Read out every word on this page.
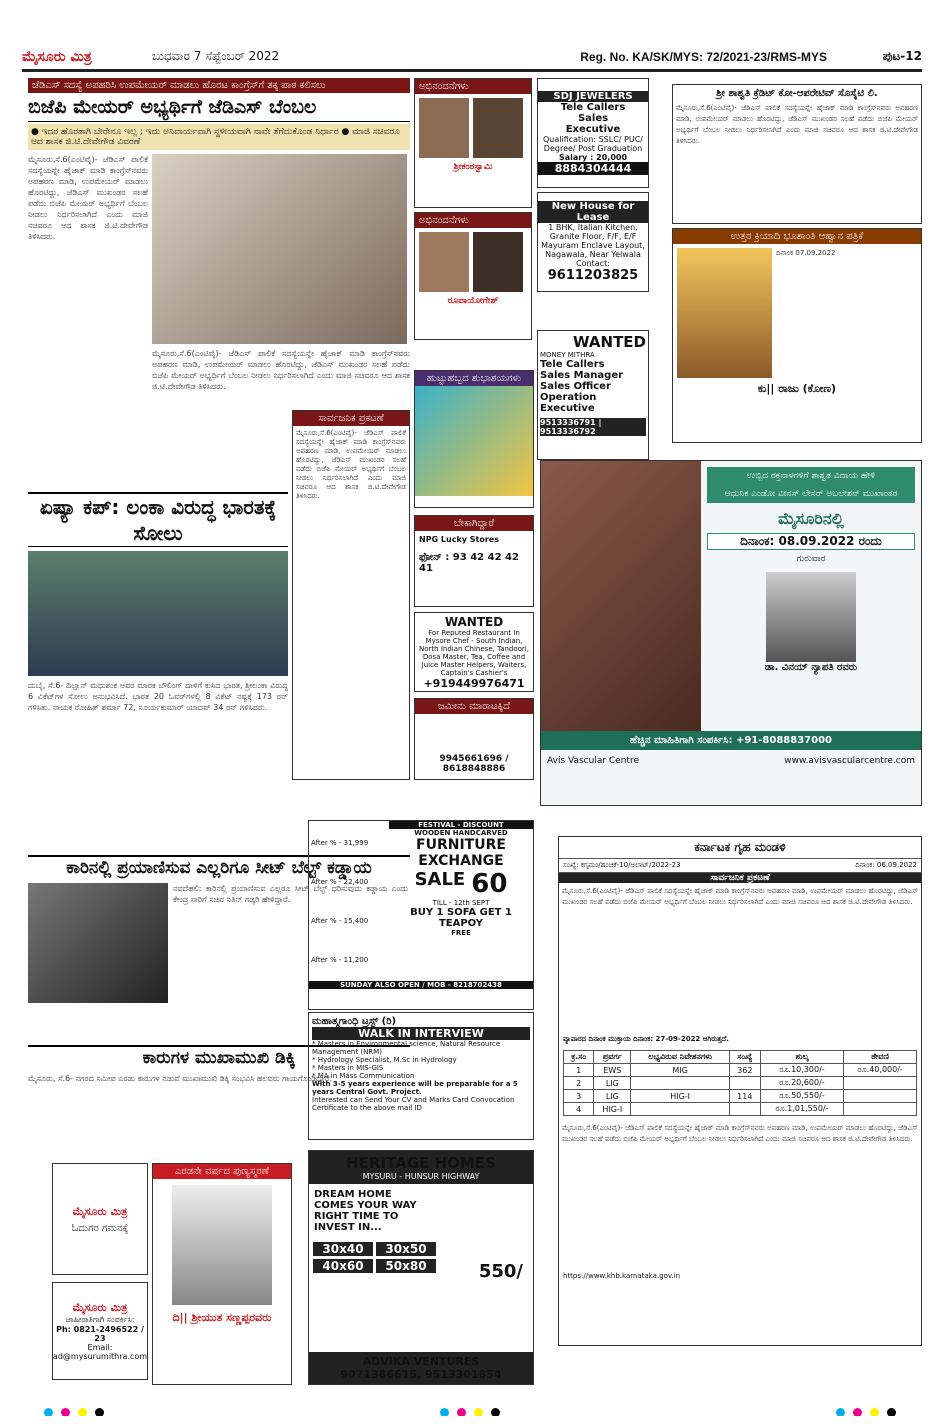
ಮೈಸೂರು ಮಿತ್ರ	ಬುಧವಾರ 7 ಸೆಪ್ಟೆಂಬರ್ 2022	Reg. No. KA/SK/MYS: 72/2021-23/RMS-MYS	ಪುಟ-12
ಜೆಡಿಎಸ್ ಸದಸ್ಯೆ ಅಪಹರಿಸಿ ಉಪಮೇಯರ್ ಮಾಡಲು ಹೊರಟ ಕಾಂಗ್ರೆಸ್‌ಗೆ ತಕ್ಕ ಪಾಠ ಕಲಿಸಲು
ಬಿಜೆಪಿ ಮೇಯರ್ ಅಭ್ಯರ್ಥಿಗೆ ಜೆಡಿಎಸ್ ಬೆಂಬಲ
● ಇದರ ಹೊರತಾಗಿ ಬೇರೇನೂ ಇಲ್ಲ ; ಇದು ಅನಿವಾರ್ಯವಾಗಿ ಸ್ಥಳೀಯವಾಗಿ ನಾವೇ ತೆಗೆದುಕೊಂಡ ನಿರ್ಧಾರ ● ಮಾಜಿ ಸಚಿವರೂ ಆದ ಶಾಸಕ ಜಿ.ಟಿ.ದೇವೇಗೌಡ ವಿವರಣೆ
ಮೈಸೂರು,ಸೆ.6(ಎಂಟಿವೈ)- ಜೆಡಿಎಸ್ ಪಾಲಿಕೆ ಸದಸ್ಯೆಯನ್ನೇ ಹೈಜಾಕ್ ಮಾಡಿ ಕಾಂಗ್ರೆಸ್‌ನವರು ಅಪಹರಣ ಮಾಡಿ, ಉಪಮೇಯರ್ ಮಾಡಲು ಹೊರಟಿದ್ದು, ಜೆಡಿಎಸ್ ಮುಖಂಡರ ಸಲಹೆ ಪಡೆದು ಬಿಜೆಪಿ ಮೇಯರ್ ಅಭ್ಯರ್ಥಿಗೆ ಬೆಂಬಲ ನೀಡಲು ನಿರ್ಧರಿಸಲಾಗಿದೆ ಎಂದು ಮಾಜಿ ಸಚಿವರೂ ಆದ ಶಾಸಕ ಜಿ.ಟಿ.ದೇವೇಗೌಡ ತಿಳಿಸಿದರು.
ಮೈಸೂರು,ಸೆ.6(ಎಂಟಿವೈ)- ಜೆಡಿಎಸ್ ಪಾಲಿಕೆ ಸದಸ್ಯೆಯನ್ನೇ ಹೈಜಾಕ್ ಮಾಡಿ ಕಾಂಗ್ರೆಸ್‌ನವರು ಅಪಹರಣ ಮಾಡಿ, ಉಪಮೇಯರ್ ಮಾಡಲು ಹೊರಟಿದ್ದು, ಜೆಡಿಎಸ್ ಮುಖಂಡರ ಸಲಹೆ ಪಡೆದು ಬಿಜೆಪಿ ಮೇಯರ್ ಅಭ್ಯರ್ಥಿಗೆ ಬೆಂಬಲ ನೀಡಲು ನಿರ್ಧರಿಸಲಾಗಿದೆ ಎಂದು ಮಾಜಿ ಸಚಿವರೂ ಆದ ಶಾಸಕ ಜಿ.ಟಿ.ದೇವೇಗೌಡ ತಿಳಿಸಿದರು.
ಏಷ್ಯಾ ಕಪ್: ಲಂಕಾ ವಿರುದ್ಧ ಭಾರತಕ್ಕೆ ಸೋಲು
ದುಬೈ, ಸೆ.6- ದಿಲ್ಷಾನ್ ಮಧುಶಂಕ ಅವರ ಮಾರಕ ಬೌಲಿಂಗ್ ದಾಳಿಗೆ ಕುಸಿದ ಭಾರತ, ಶ್ರೀಲಂಕಾ ವಿರುದ್ಧ 6 ವಿಕೆಟ್‌ಗಳ ಸೋಲು ಅನುಭವಿಸಿದೆ. ಭಾರತ 20 ಓವರ್‌ಗಳಲ್ಲಿ 8 ವಿಕೆಟ್ ನಷ್ಟಕ್ಕೆ 173 ರನ್ ಗಳಿಸಿತು. ನಾಯಕ ರೋಹಿತ್ ಶರ್ಮಾ 72, ಸೂರ್ಯಕುಮಾರ್ ಯಾದವ್ 34 ರನ್ ಗಳಿಸಿದರು.
ಸಾರ್ವಜನಿಕ ಪ್ರಕಟಣೆ
ಮೈಸೂರು,ಸೆ.6(ಎಂಟಿವೈ)- ಜೆಡಿಎಸ್ ಪಾಲಿಕೆ ಸದಸ್ಯೆಯನ್ನೇ ಹೈಜಾಕ್ ಮಾಡಿ ಕಾಂಗ್ರೆಸ್‌ನವರು ಅಪಹರಣ ಮಾಡಿ, ಉಪಮೇಯರ್ ಮಾಡಲು ಹೊರಟಿದ್ದು, ಜೆಡಿಎಸ್ ಮುಖಂಡರ ಸಲಹೆ ಪಡೆದು ಬಿಜೆಪಿ ಮೇಯರ್ ಅಭ್ಯರ್ಥಿಗೆ ಬೆಂಬಲ ನೀಡಲು ನಿರ್ಧರಿಸಲಾಗಿದೆ ಎಂದು ಮಾಜಿ ಸಚಿವರೂ ಆದ ಶಾಸಕ ಜಿ.ಟಿ.ದೇವೇಗೌಡ ತಿಳಿಸಿದರು.
ಕಾರಿನಲ್ಲಿ ಪ್ರಯಾಣಿಸುವ ಎಲ್ಲರಿಗೂ ಸೀಟ್ ಬೆಲ್ಟ್ ಕಡ್ಡಾಯ
ನವದೆಹಲಿ: ಕಾರಿನಲ್ಲಿ ಪ್ರಯಾಣಿಸುವ ಎಲ್ಲರೂ ಸೀಟ್ ಬೆಲ್ಟ್ ಧರಿಸುವುದು ಕಡ್ಡಾಯ ಎಂದು ಕೇಂದ್ರ ಸಾರಿಗೆ ಸಚಿವ ನಿತಿನ್ ಗಡ್ಕರಿ ಹೇಳಿದ್ದಾರೆ.
ಕಾರುಗಳ ಮುಖಾಮುಖಿ ಡಿಕ್ಕಿ
ಮೈಸೂರು, ಸೆ.6- ನಗರದ ಸಮೀಪ ಎರಡು ಕಾರುಗಳ ನಡುವೆ ಮುಖಾಮುಖಿ ಡಿಕ್ಕಿ ಸಂಭವಿಸಿ ಹಲವರು ಗಾಯಗೊಂಡಿದ್ದಾರೆ.
ಮೈಸೂರು ಮಿತ್ರ
ಓದುಗರ ಗಮನಕ್ಕೆ
ಮೈಸೂರು ಮಿತ್ರ
ಜಾಹೀರಾತಿಗಾಗಿ ಸಂಪರ್ಕಿಸಿ:
Ph: 0821-2496522 / 23
Email: ad@mysurumithra.com
ಎರಡನೇ ವರ್ಷದ ಪುಣ್ಯಸ್ಮರಣೆ
ದಿ|| ಶ್ರೀಯುತ ಸಣ್ಣಪ್ಪರವರು
ಅಭಿನಂದನೆಗಳು
ಶ್ರೀಕಂಠಸ್ವಾಮಿ
ಅಭಿನಂದನೆಗಳು
ರೂಪಾಯೋಗೇಶ್
SDJ JEWELERS
Tele Callers
Sales
Executive
Qualification: SSLC/ PUC/ Degree/ Post Graduation
Salary : 20,000
8884304444
New House for Lease
1 BHK, Italian Kitchen, Granite Floor, F/F, E/F Mayuram Enclave Layout, Nagawala, Near Yelwala
Contact:
9611203825
WANTED
MONEY MITHRA
Tele Callers
Sales Manager
Sales Officer
Operation Executive
9513336791 | 9513336792
ಹುಟ್ಟುಹಬ್ಬದ ಶುಭಾಶಯಗಳು
ಬೇಕಾಗಿದ್ದಾರೆ
NPG Lucky Stores
ಫೋನ್ : 93 42 42 42 41
WANTED
For Reputed Restaurant In Mysore Chef - South Indian, North Indian Chinese, Tandoori, Dosa Master, Tea, Coffee and Juice Master Helpers, Waiters, Captain's Cashier's
+919449976471
ಜಮೀನು ಮಾರಾಟಕ್ಕಿದೆ
9945661696 / 8618848886
ಶ್ರೀ ಶಾಶ್ವತಿ ಕ್ರೆಡಿಟ್ ಕೋ-ಆಪರೇಟಿವ್ ಸೊಸೈಟಿ ಲಿ.
ಮೈಸೂರು,ಸೆ.6(ಎಂಟಿವೈ)- ಜೆಡಿಎಸ್ ಪಾಲಿಕೆ ಸದಸ್ಯೆಯನ್ನೇ ಹೈಜಾಕ್ ಮಾಡಿ ಕಾಂಗ್ರೆಸ್‌ನವರು ಅಪಹರಣ ಮಾಡಿ, ಉಪಮೇಯರ್ ಮಾಡಲು ಹೊರಟಿದ್ದು, ಜೆಡಿಎಸ್ ಮುಖಂಡರ ಸಲಹೆ ಪಡೆದು ಬಿಜೆಪಿ ಮೇಯರ್ ಅಭ್ಯರ್ಥಿಗೆ ಬೆಂಬಲ ನೀಡಲು ನಿರ್ಧರಿಸಲಾಗಿದೆ ಎಂದು ಮಾಜಿ ಸಚಿವರೂ ಆದ ಶಾಸಕ ಜಿ.ಟಿ.ದೇವೇಗೌಡ ತಿಳಿಸಿದರು.
ಉತ್ತರ ಕ್ರಿಯಾದಿ ಭೂಶಾಂತಿ ಆಹ್ವಾನ ಪತ್ರಿಕೆ
ದಿನಾಂಕ 07.09.2022
ಕು|| ರಾಜು (ಕೋಣ)
ಉಬ್ಬಿದ ರಕ್ತನಾಳಗಳಿಗೆ ಶಾಶ್ವತ ವಿದಾಯ ಹೇಳಿ
ಆಧುನಿಕ ಎಂಡೋ ವೀನಸ್ ಲೇಸರ್ ಅಬಲೇಶನ್ ಮುಖಾಂತರ
ಮೈಸೂರಿನಲ್ಲಿ
ದಿನಾಂಕ: 08.09.2022 ರಂದು
ಗುರುವಾರ
ಡಾ. ವಿನಯ್ ನ್ಯಾಪತಿ ರವರು
ಹೆಚ್ಚಿನ ಮಾಹಿತಿಗಾಗಿ ಸಂಪರ್ಕಿಸಿ: +91-8088837000
Avis Vascular Centre	www.avisvascularcentre.com
After % - 31,999
After % - 22,400
After % - 15,400
After % - 11,200
FESTIVAL - DISCOUNT
WOODEN HANDCARVED
FURNITURE
EXCHANGE
SALE 60
TILL - 12th SEPT
BUY 1 SOFA GET 1 TEAPOY
FREE
SUNDAY ALSO OPEN / MOB - 8218702438
ಮಹಾತ್ಮಗಾಂಧಿ ಟ್ರಸ್ಟ್ (ರಿ)
WALK IN INTERVIEW
* Masters in Environmental science, Natural Resource Management (NRM)
* Hydrology Specialist, M.Sc in Hydrology
* Masters in MIS-GIS
* MA in Mass Communication
With 3-5 years experience will be preparable for a 5 years Central Govt. Project.
Interested can Send Your CV and Marks Card Convocation Certificate to the above mail ID
HERITAGE HOMES
MYSURU - HUNSUR HIGHWAY
DREAM HOME COMES YOUR WAY RIGHT TIME TO INVEST IN...
30x40	30x50
40x60	50x80	550/
ADVIKA VENTURES
9071386615, 9513301854
ಕರ್ನಾಟಕ ಗೃಹ ಮಂಡಳಿ
ಸಂಖ್ಯೆ: ಕಗೃಮಂ/ಹಂಚಿಕೆ-10/ಅಲಾಟ್/2022-23	ದಿನಾಂಕ: 06.09.2022
ಸಾರ್ವಜನಿಕ ಪ್ರಕಟಣೆ
ಮೈಸೂರು,ಸೆ.6(ಎಂಟಿವೈ)- ಜೆಡಿಎಸ್ ಪಾಲಿಕೆ ಸದಸ್ಯೆಯನ್ನೇ ಹೈಜಾಕ್ ಮಾಡಿ ಕಾಂಗ್ರೆಸ್‌ನವರು ಅಪಹರಣ ಮಾಡಿ, ಉಪಮೇಯರ್ ಮಾಡಲು ಹೊರಟಿದ್ದು, ಜೆಡಿಎಸ್ ಮುಖಂಡರ ಸಲಹೆ ಪಡೆದು ಬಿಜೆಪಿ ಮೇಯರ್ ಅಭ್ಯರ್ಥಿಗೆ ಬೆಂಬಲ ನೀಡಲು ನಿರ್ಧರಿಸಲಾಗಿದೆ ಎಂದು ಮಾಜಿ ಸಚಿವರೂ ಆದ ಶಾಸಕ ಜಿ.ಟಿ.ದೇವೇಗೌಡ ತಿಳಿಸಿದರು.
ವ್ಯಾಪಾರದ ದಿನಾಂಕ ಮುಕ್ತಾಯ ದಿನಾಂಕ: 27-09-2022 ಆಗಿರುತ್ತದೆ.
ಕ್ರ.ಸಂ	ಪ್ರವರ್ಗ	ಲಭ್ಯವಿರುವ ನಿವೇಶನಗಳು	ಸಂಖ್ಯೆ	ಶುಲ್ಕ	ಠೇವಣಿ
1	EWS	MIG	362	ರೂ.10,300/-	ರೂ.40,000/-
2	LIG			ರೂ.20,600/-	
3	LIG	HIG-I	114	ರೂ.50,550/-	
4	HIG-I			ರೂ.1,01,550/-	
ಮೈಸೂರು,ಸೆ.6(ಎಂಟಿವೈ)- ಜೆಡಿಎಸ್ ಪಾಲಿಕೆ ಸದಸ್ಯೆಯನ್ನೇ ಹೈಜಾಕ್ ಮಾಡಿ ಕಾಂಗ್ರೆಸ್‌ನವರು ಅಪಹರಣ ಮಾಡಿ, ಉಪಮೇಯರ್ ಮಾಡಲು ಹೊರಟಿದ್ದು, ಜೆಡಿಎಸ್ ಮುಖಂಡರ ಸಲಹೆ ಪಡೆದು ಬಿಜೆಪಿ ಮೇಯರ್ ಅಭ್ಯರ್ಥಿಗೆ ಬೆಂಬಲ ನೀಡಲು ನಿರ್ಧರಿಸಲಾಗಿದೆ ಎಂದು ಮಾಜಿ ಸಚಿವರೂ ಆದ ಶಾಸಕ ಜಿ.ಟಿ.ದೇವೇಗೌಡ ತಿಳಿಸಿದರು.
https://www.khb.karnataka.gov.in
